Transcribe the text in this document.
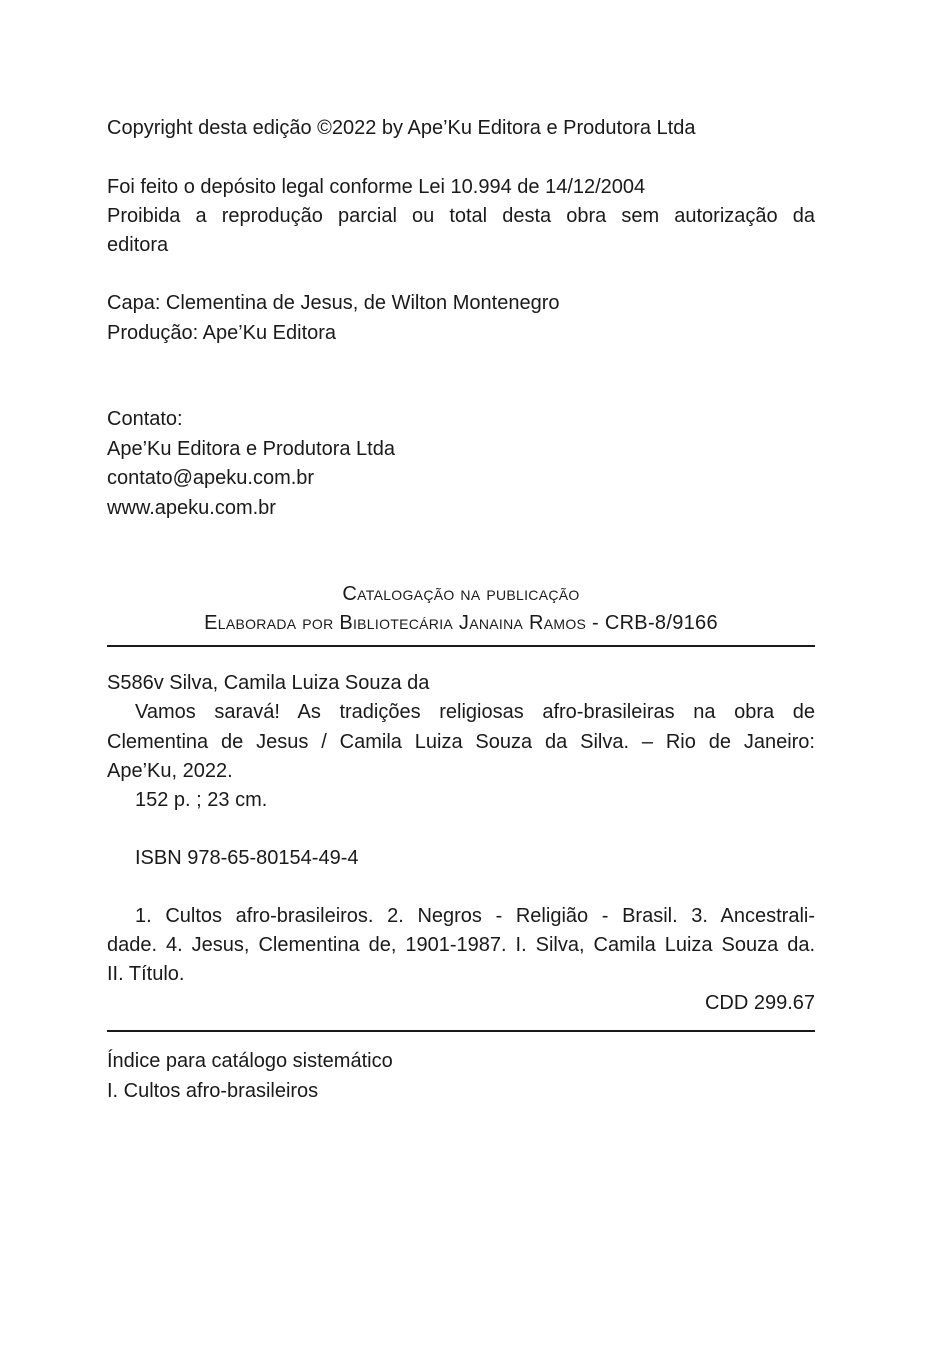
Copyright desta edição ©2022 by Ape’Ku Editora e Produtora Ltda
Foi feito o depósito legal conforme Lei 10.994 de 14/12/2004
Proibida a reprodução parcial ou total desta obra sem autorização da
editora
Capa: Clementina de Jesus, de Wilton Montenegro
Produção: Ape’Ku Editora
Contato:
Ape’Ku Editora e Produtora Ltda
contato@apeku.com.br
www.apeku.com.br
Catalogação na publicação
Elaborada por Bibliotecária Janaina Ramos - CRB-8/9166
S586v Silva, Camila Luiza Souza da
Vamos saravá! As tradições religiosas afro-brasileiras na obra de
Clementina de Jesus / Camila Luiza Souza da Silva. – Rio de Janeiro:
Ape’Ku, 2022.
152 p. ; 23 cm.
ISBN 978-65-80154-49-4
1. Cultos afro-brasileiros. 2. Negros - Religião - Brasil. 3. Ancestrali-
dade. 4. Jesus, Clementina de, 1901-1987. I. Silva, Camila Luiza Souza da.
II. Título.
CDD 299.67
Índice para catálogo sistemático
I. Cultos afro-brasileiros
